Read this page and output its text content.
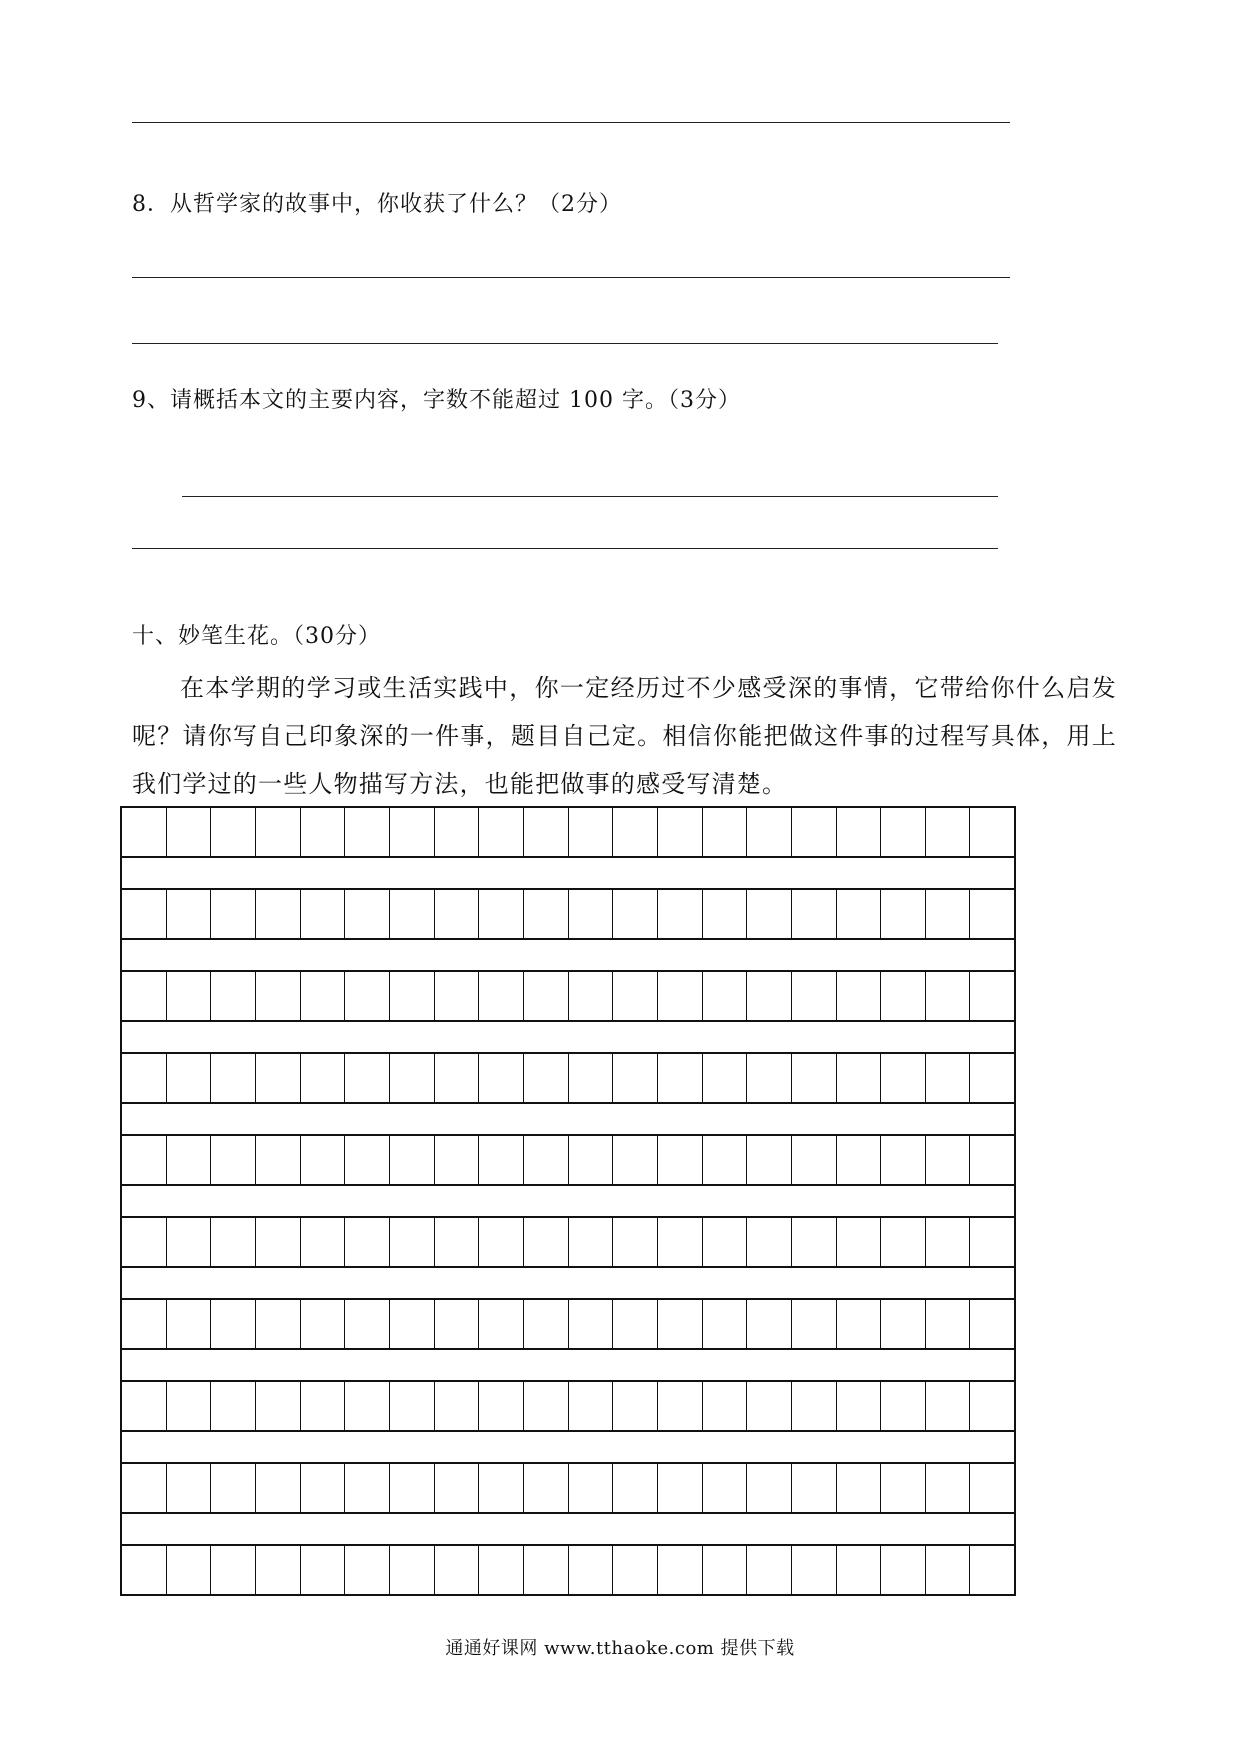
8．从哲学家的故事中，你收获了什么？（2分）
9、请概括本文的主要内容，字数不能超过 100 字。（3分）
十、妙笔生花。（30分）

在本学期的学习或生活实践中，你一定经历过不少感受深的事情，它带给你什么启发呢？请你写自己印象深的一件事，题目自己定。相信你能把做这件事的过程写具体，用上我们学过的一些人物描写方法，也能把做事的感受写清楚。

通通好课网 www.tthaoke.com 提供下载
